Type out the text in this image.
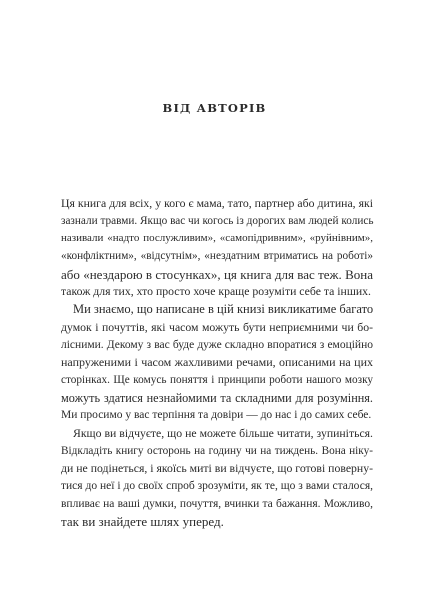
ВІД АВТОРІВ
Ця книга для всіх, у кого є мама, тато, партнер або дитина, які
зазнали травми. Якщо вас чи когось із дорогих вам людей колись
називали «надто послужливим», «самопідривним», «руйнівним»,
«конфліктним», «відсутнім», «нездатним втриматись на роботі»
або «нездарою в стосунках», ця книга для вас теж. Вона
також для тих, хто просто хоче краще розуміти себе та інших.
Ми знаємо, що написане в цій книзі викликатиме багато
думок і почуттів, які часом можуть бути неприємними чи бо-
лісними. Декому з вас буде дуже складно впоратися з емоційно
напруженими і часом жахливими речами, описаними на цих
сторінках. Ще комусь поняття і принципи роботи нашого мозку
можуть здатися незнайомими та складними для розуміння.
Ми просимо у вас терпіння та довіри — до нас і до самих себе.
Якщо ви відчуєте, що не можете більше читати, зупиніться.
Відкладіть книгу осторонь на годину чи на тиждень. Вона ніку-
ди не подінеться, і якоїсь миті ви відчуєте, що готові поверну-
тися до неї і до своїх спроб зрозуміти, як те, що з вами сталося,
впливає на ваші думки, почуття, вчинки та бажання. Можливо,
так ви знайдете шлях уперед.
